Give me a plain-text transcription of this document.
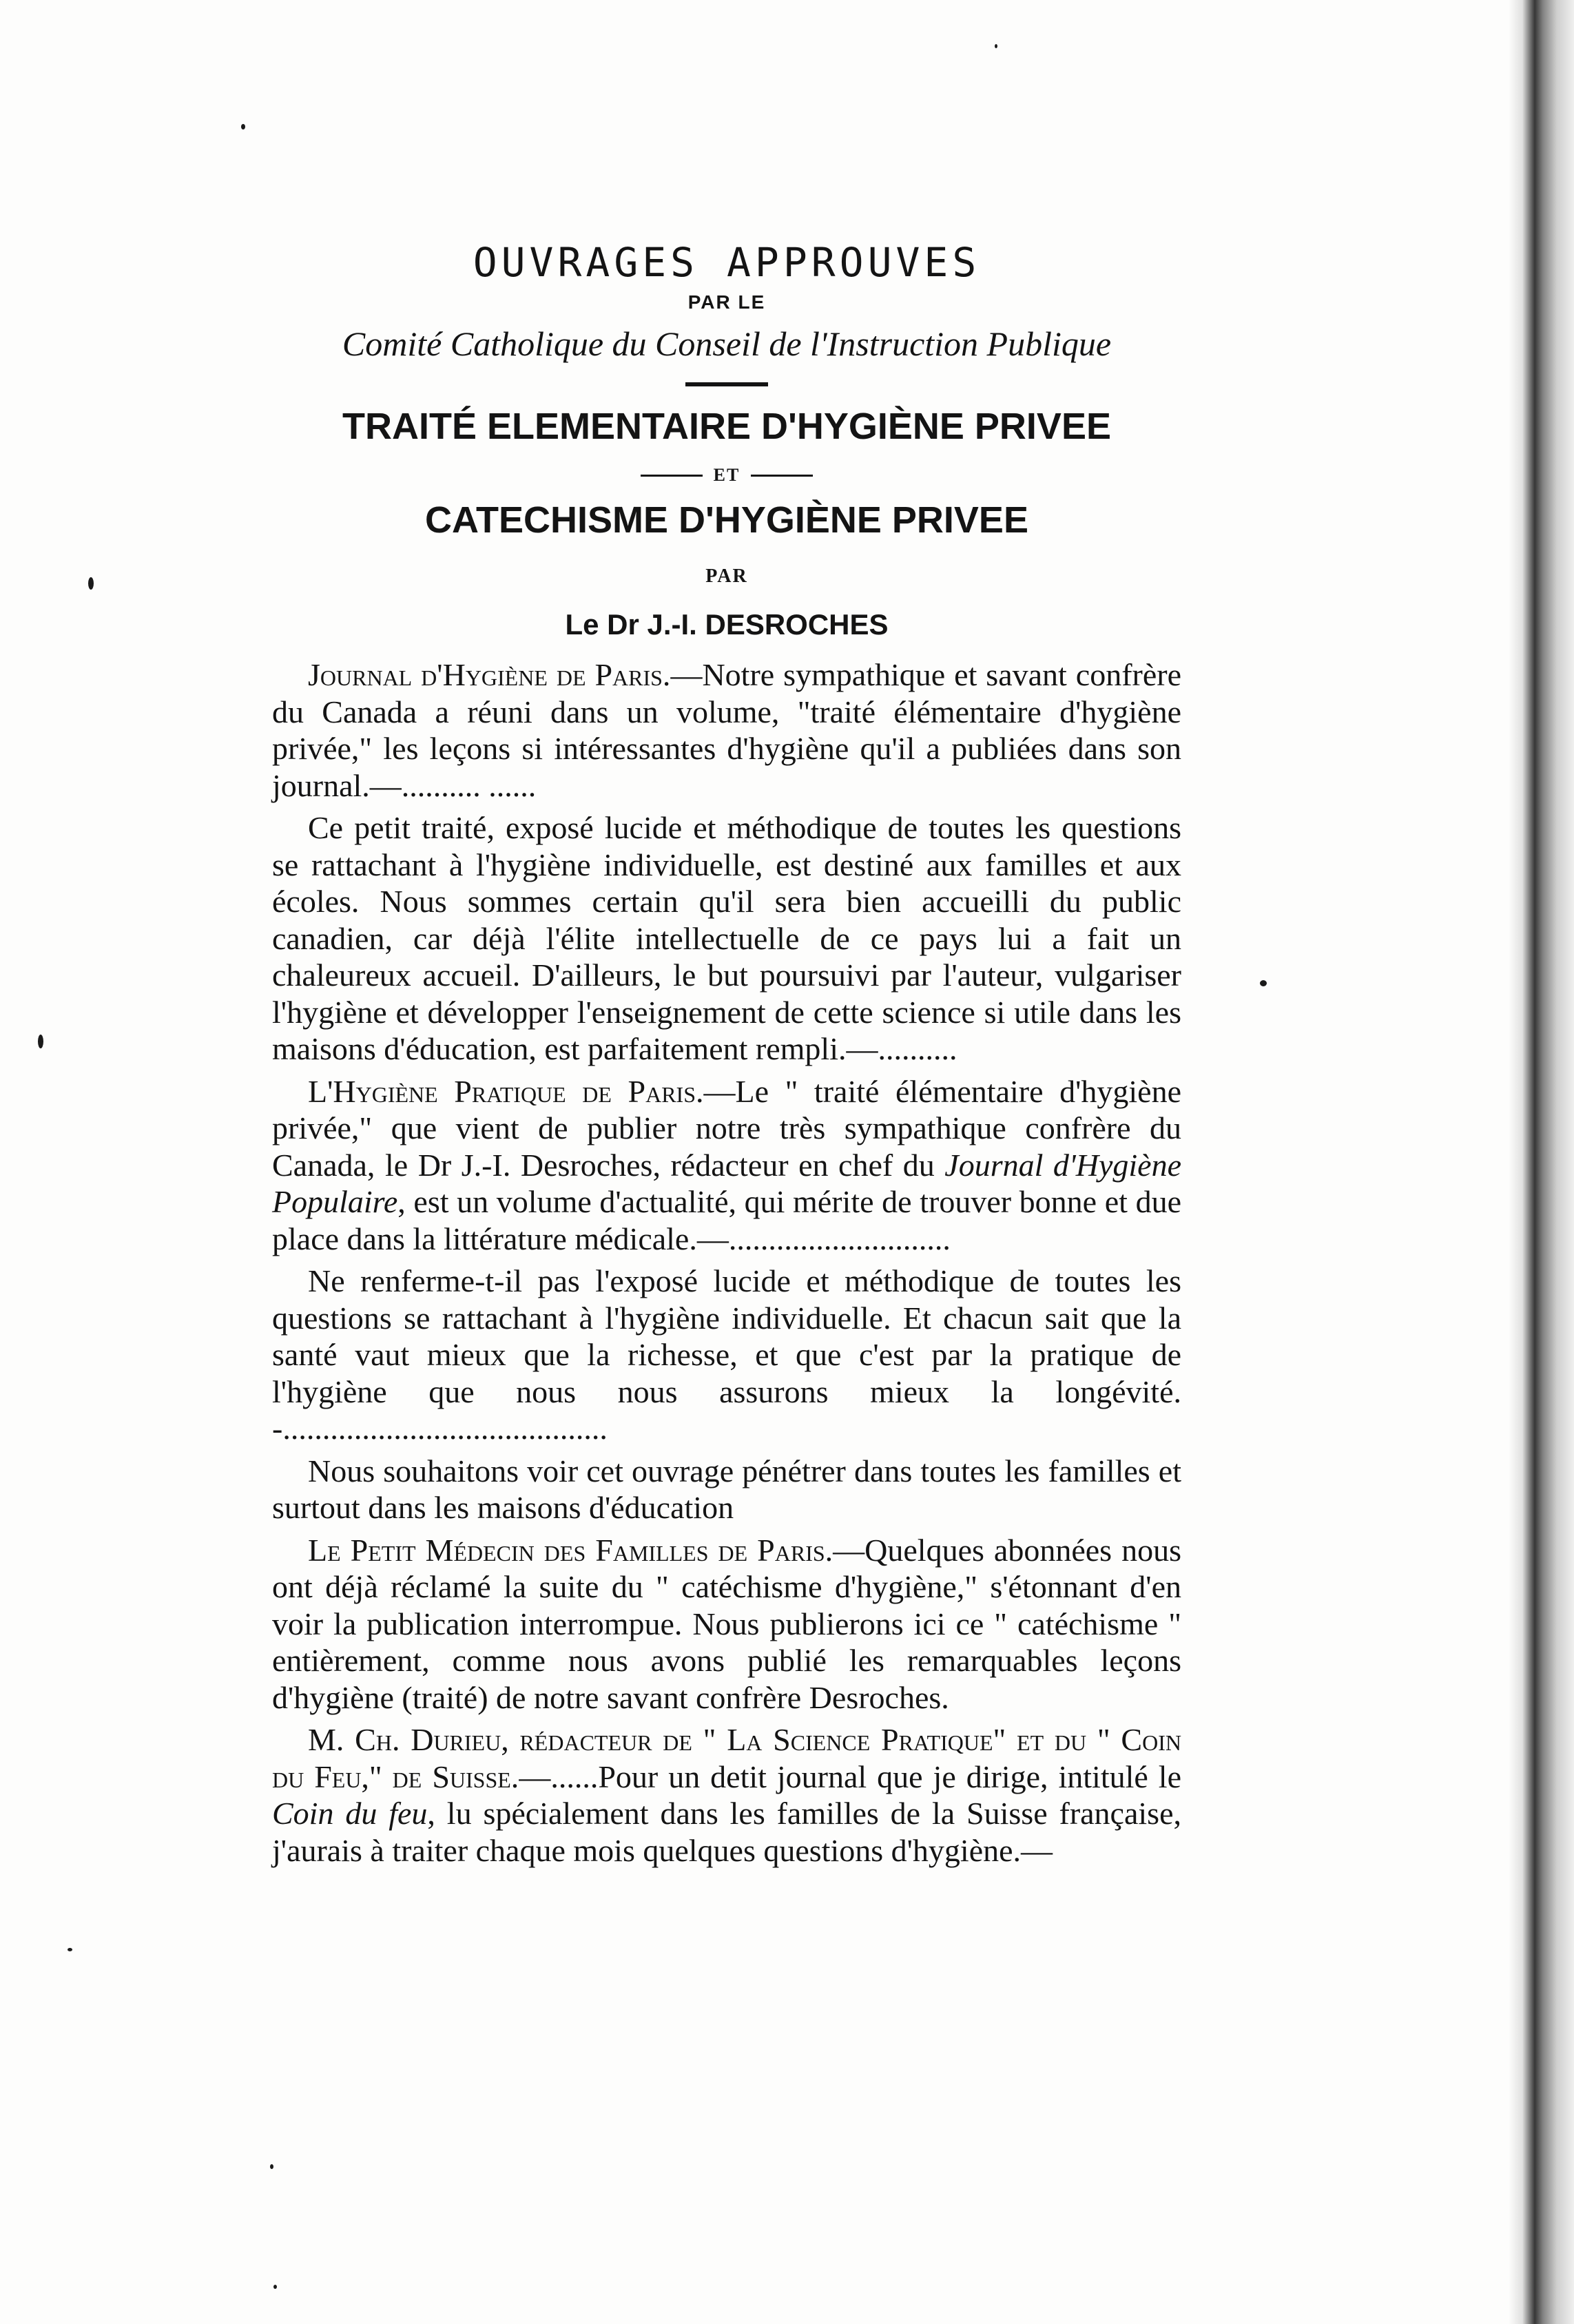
OUVRAGES APPROUVES
PAR LE
Comité Catholique du Conseil de l'Instruction Publique
TRAITÉ ELEMENTAIRE D'HYGIÈNE PRIVEE
ET
CATECHISME D'HYGIÈNE PRIVEE
PAR
Le Dr J.-I. DESROCHES

Journal d'Hygiène de Paris.—Notre sympathique et savant confrère du Canada a réuni dans un volume, "traité élémentaire d'hygiène privée," les leçons si intéressantes d'hygiène qu'il a publiées dans son journal.—.......... ......

Ce petit traité, exposé lucide et méthodique de toutes les questions se rattachant à l'hygiène individuelle, est destiné aux familles et aux écoles. Nous sommes certain qu'il sera bien accueilli du public canadien, car déjà l'élite intellectuelle de ce pays lui a fait un chaleureux accueil. D'ailleurs, le but poursuivi par l'auteur, vulgariser l'hygiène et développer l'enseignement de cette science si utile dans les maisons d'éducation, est parfaitement rempli.—..........

L'Hygiène Pratique de Paris.—Le " traité élémentaire d'hygiène privée," que vient de publier notre très sympathique confrère du Canada, le Dr J.-I. Desroches, rédacteur en chef du Journal d'Hygiène Populaire, est un volume d'actualité, qui mérite de trouver bonne et due place dans la littérature médicale.—............................

Ne renferme-t-il pas l'exposé lucide et méthodique de toutes les questions se rattachant à l'hygiène individuelle. Et chacun sait que la santé vaut mieux que la richesse, et que c'est par la pratique de l'hygiène que nous nous assurons mieux la longévité. -.........................................

Nous souhaitons voir cet ouvrage pénétrer dans toutes les familles et surtout dans les maisons d'éducation

Le Petit Médecin des Familles de Paris.—Quelques abonnées nous ont déjà réclamé la suite du " catéchisme d'hygiène," s'étonnant d'en voir la publication interrompue. Nous publierons ici ce " catéchisme " entièrement, comme nous avons publié les remarquables leçons d'hygiène (traité) de notre savant confrère Desroches.

M. Ch. Durieu, rédacteur de " La Science Pratique" et du " Coin du Feu," de Suisse.—......Pour un detit journal que je dirige, intitulé le Coin du feu, lu spécialement dans les familles de la Suisse française, j'aurais à traiter chaque mois quelques questions d'hygiène.—
